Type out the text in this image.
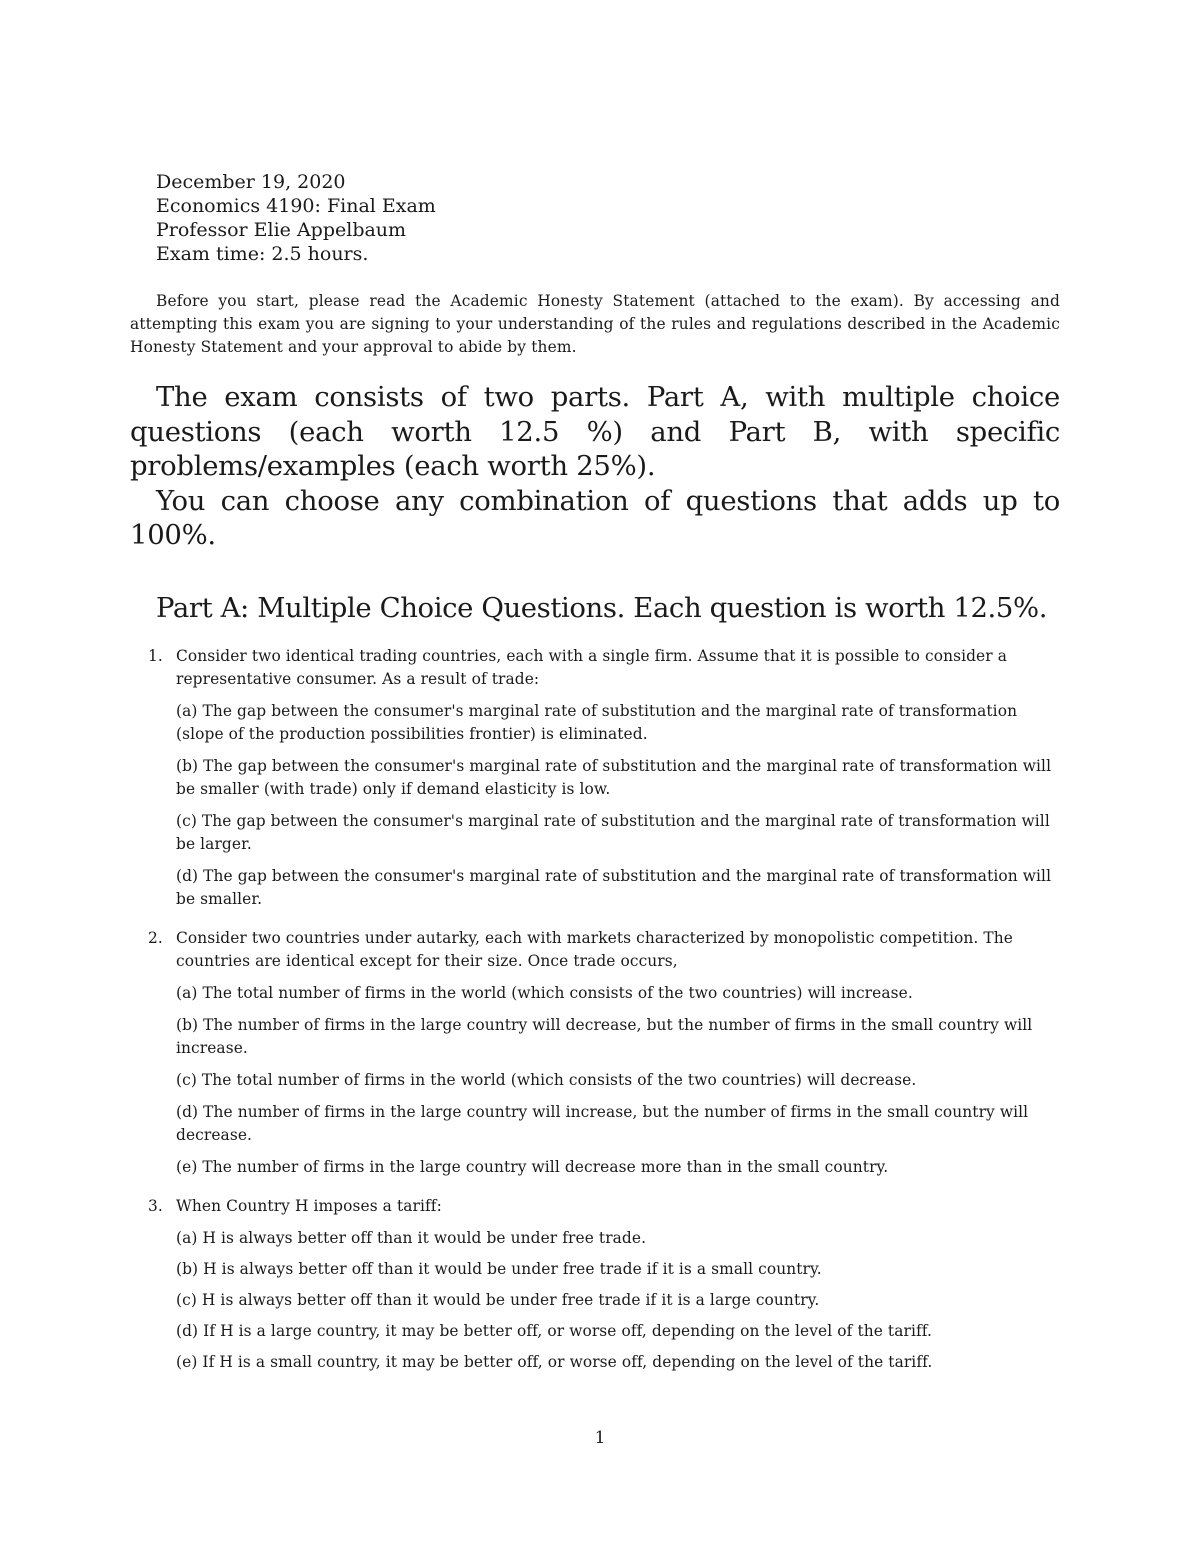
December 19, 2020
Economics 4190: Final Exam
Professor Elie Appelbaum
Exam time: 2.5 hours.

Before you start, please read the Academic Honesty Statement (attached to the exam). By accessing and attempting this exam you are signing to your understanding of the rules and regulations described in the Academic Honesty Statement and your approval to abide by them.

The exam consists of two parts. Part A, with multiple choice questions (each worth 12.5 %) and Part B, with specific problems/examples (each worth 25%).

You can choose any combination of questions that adds up to 100%.

Part A: Multiple Choice Questions. Each question is worth 12.5%.
1. Consider two identical trading countries, each with a single firm. Assume that it is possible to consider a representative consumer. As a result of trade:

(a) The gap between the consumer's marginal rate of substitution and the marginal rate of transformation (slope of the production possibilities frontier) is eliminated.

(b) The gap between the consumer's marginal rate of substitution and the marginal rate of transformation will be smaller (with trade) only if demand elasticity is low.

(c) The gap between the consumer's marginal rate of substitution and the marginal rate of transformation will be larger.

(d) The gap between the consumer's marginal rate of substitution and the marginal rate of transformation will be smaller.

2. Consider two countries under autarky, each with markets characterized by monopolistic competition. The countries are identical except for their size. Once trade occurs,

(a) The total number of firms in the world (which consists of the two countries) will increase.

(b) The number of firms in the large country will decrease, but the number of firms in the small country will increase.

(c) The total number of firms in the world (which consists of the two countries) will decrease.

(d) The number of firms in the large country will increase, but the number of firms in the small country will decrease.

(e) The number of firms in the large country will decrease more than in the small country.

3. When Country H imposes a tariff:

(a) H is always better off than it would be under free trade.

(b) H is always better off than it would be under free trade if it is a small country.

(c) H is always better off than it would be under free trade if it is a large country.

(d) If H is a large country, it may be better off, or worse off, depending on the level of the tariff.

(e) If H is a small country, it may be better off, or worse off, depending on the level of the tariff.

1
